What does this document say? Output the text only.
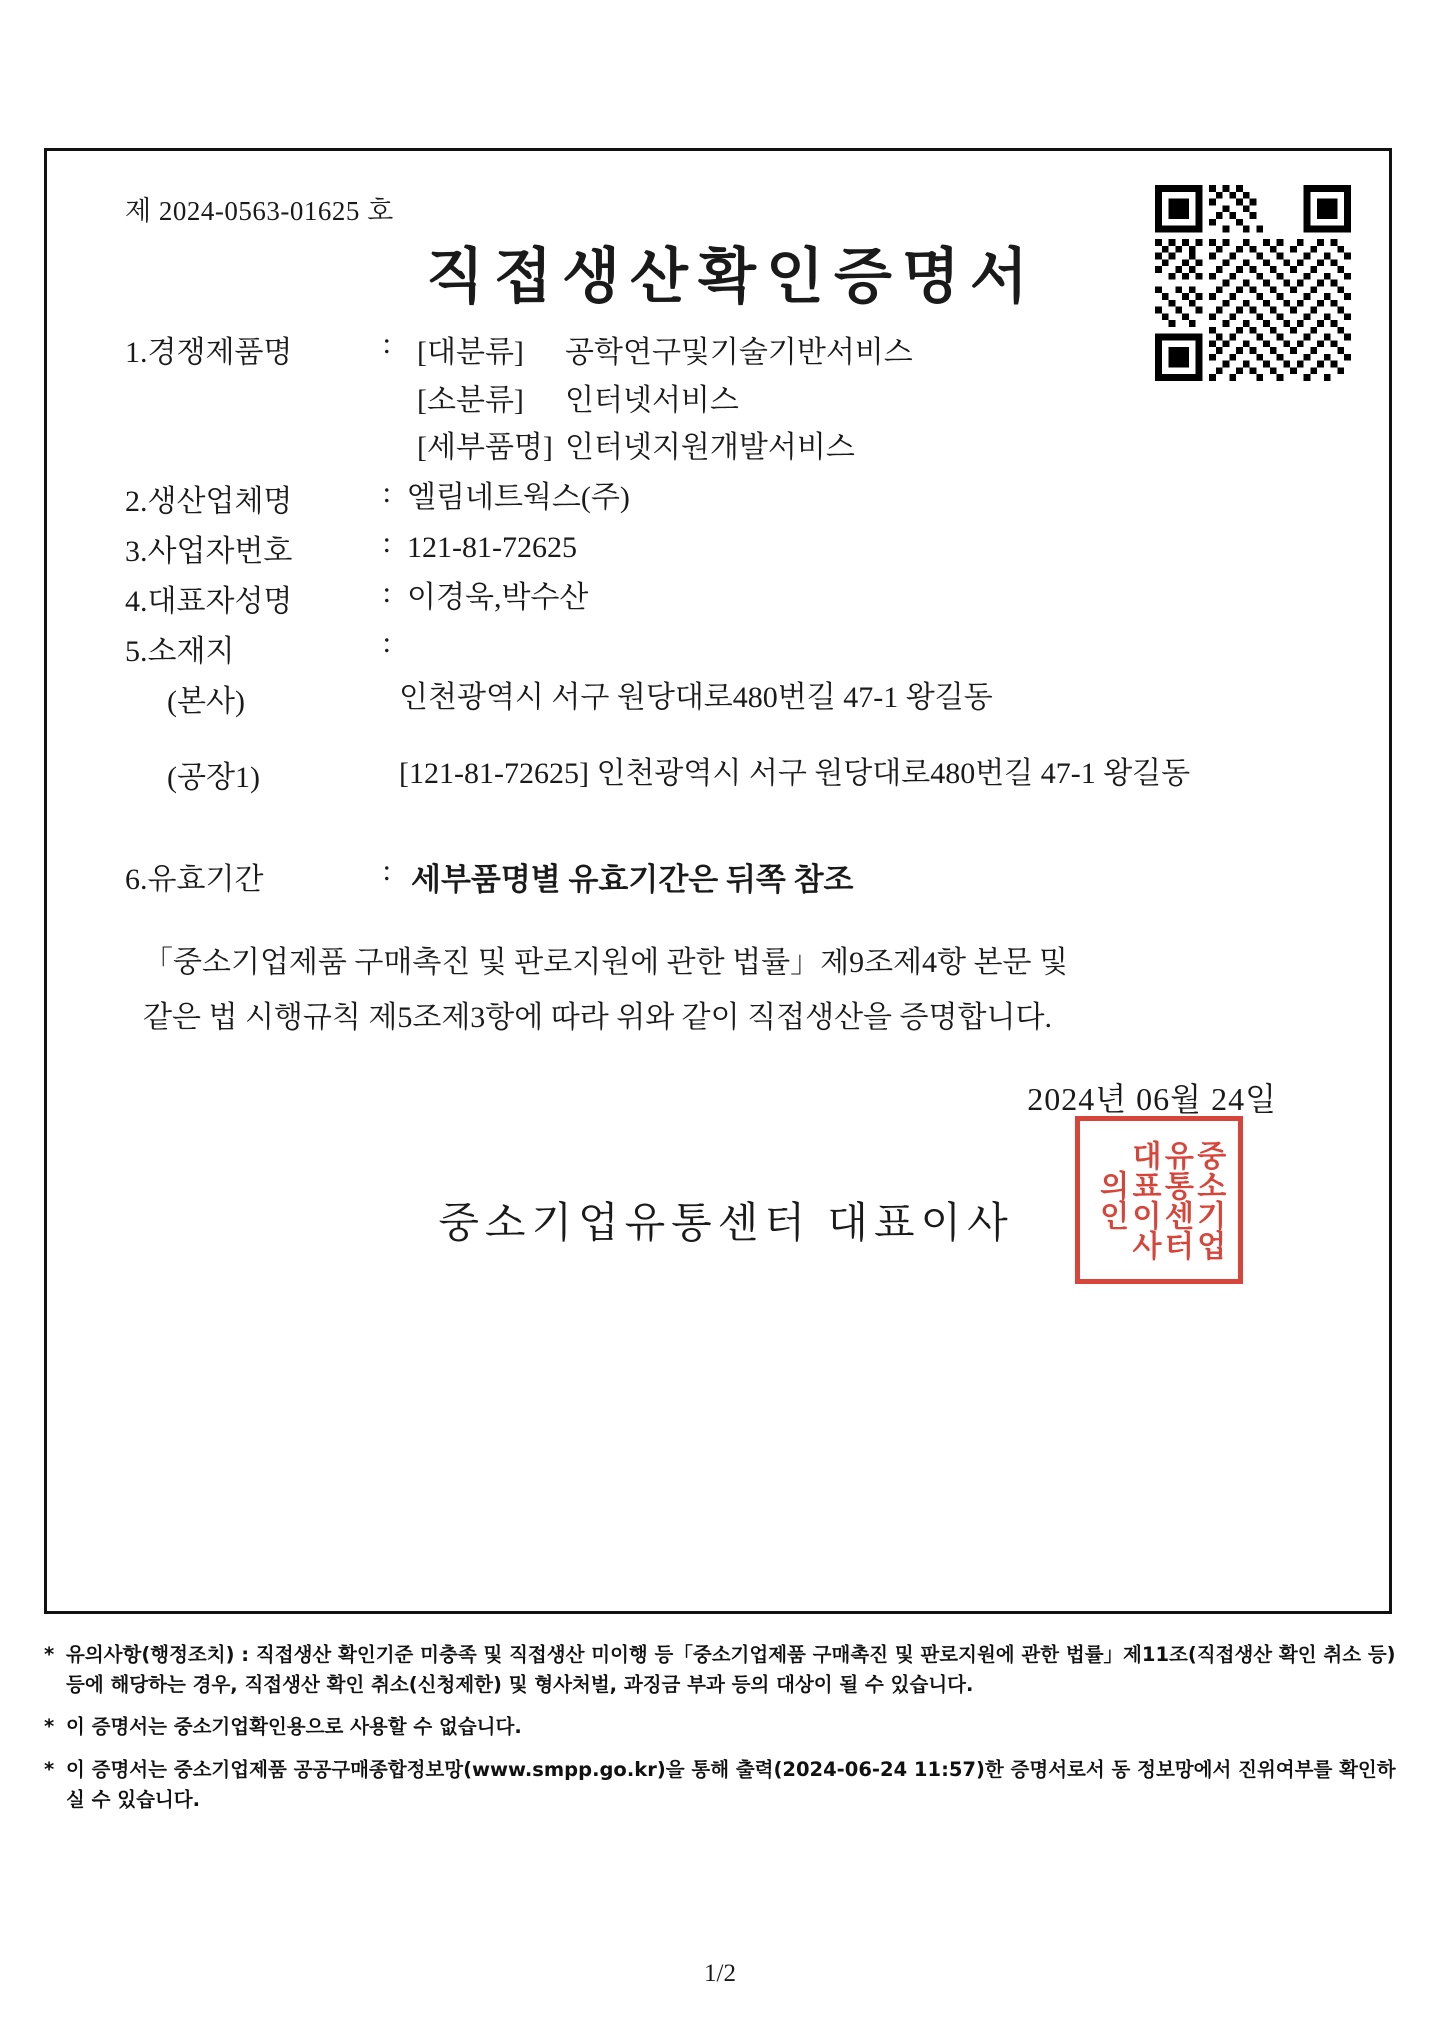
제 2024-0563-01625 호
직접생산확인증명서
1.경쟁제품명	: [대분류]	공학연구및기술기반서비스
[소분류]	인터넷서비스
[세부품명] 인터넷지원개발서비스
2.생산업체명	: 엘림네트웍스(주)
3.사업자번호	: 121-81-72625
4.대표자성명	: 이경욱,박수산
5.소재지	:
(본사)	인천광역시 서구 원당대로480번길 47-1 왕길동
(공장1)	[121-81-72625] 인천광역시 서구 원당대로480번길 47-1 왕길동
6.유효기간	: 세부품명별 유효기간은 뒤쪽 참조
「중소기업제품 구매촉진 및 판로지원에 관한 법률」제9조제4항 본문 및
같은 법 시행규칙 제5조제3항에 따라 위와 같이 직접생산을 증명합니다.
2024년 06월 24일
중소기업유통센터 대표이사	중소기업유통센터대표이사의인
* 유의사항(행정조치) : 직접생산 확인기준 미충족 및 직접생산 미이행 등「중소기업제품 구매촉진 및 판로지원에 관한 법률」제11조(직접생산 확인 취소 등) 등에 해당하는 경우, 직접생산 확인 취소(신청제한) 및 형사처벌, 과징금 부과 등의 대상이 될 수 있습니다.
* 이 증명서는 중소기업확인용으로 사용할 수 없습니다.
* 이 증명서는 중소기업제품 공공구매종합정보망(www.smpp.go.kr)을 통해 출력(2024-06-24 11:57)한 증명서로서 동 정보망에서 진위여부를 확인하실 수 있습니다.
1/2
